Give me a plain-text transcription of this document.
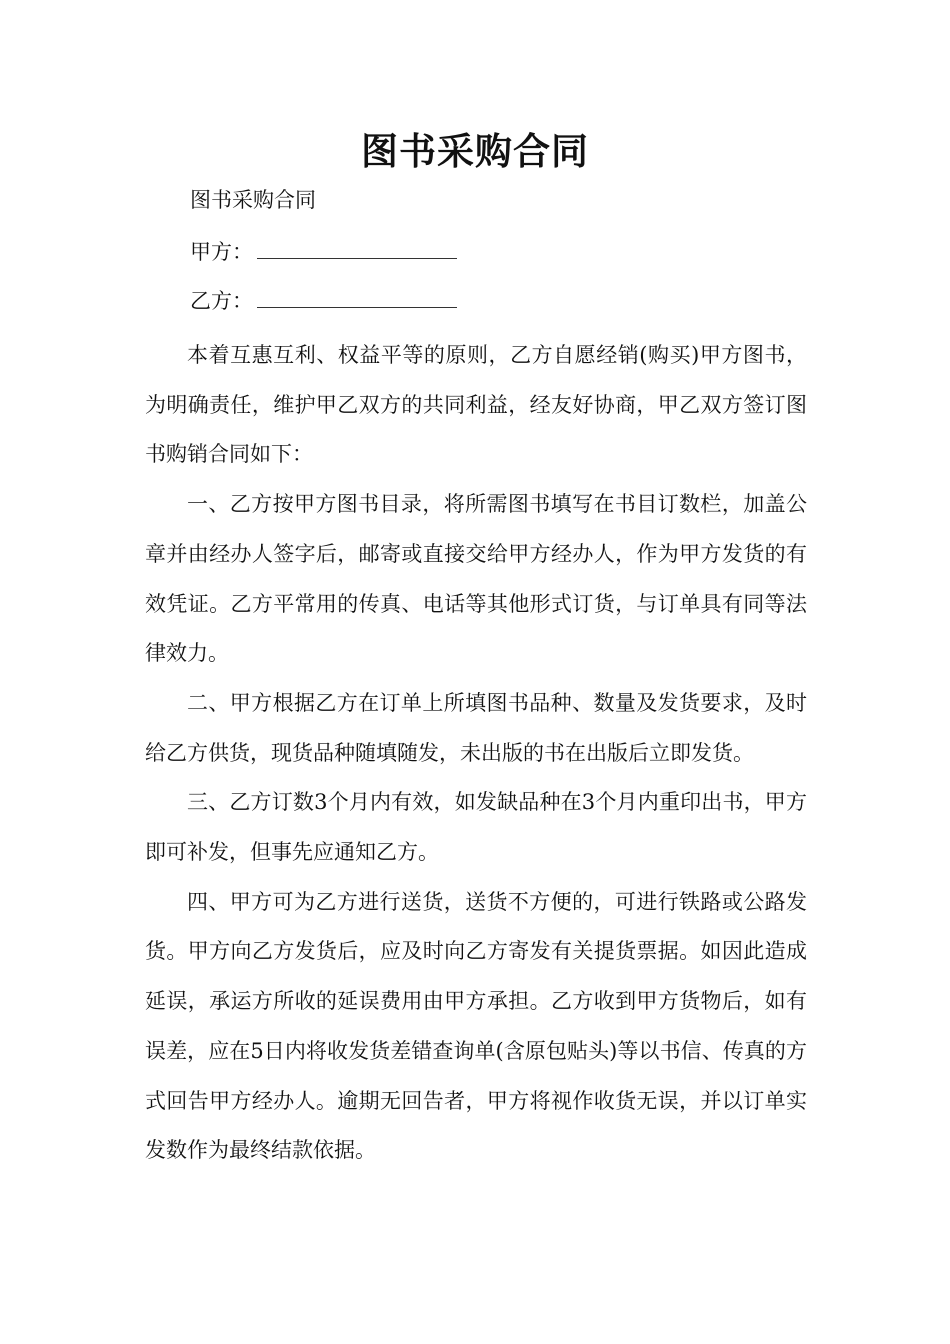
图书采购合同
图书采购合同
甲方：
乙方：

本着互惠互利、权益平等的原则，乙方自愿经销(购买)甲方图书，为明确责任，维护甲乙双方的共同利益，经友好协商，甲乙双方签订图书购销合同如下：

一、乙方按甲方图书目录，将所需图书填写在书目订数栏，加盖公章并由经办人签字后，邮寄或直接交给甲方经办人，作为甲方发货的有效凭证。乙方平常用的传真、电话等其他形式订货，与订单具有同等法律效力。

二、甲方根据乙方在订单上所填图书品种、数量及发货要求，及时给乙方供货，现货品种随填随发，未出版的书在出版后立即发货。

三、乙方订数3个月内有效，如发缺品种在3个月内重印出书，甲方即可补发，但事先应通知乙方。

四、甲方可为乙方进行送货，送货不方便的，可进行铁路或公路发货。甲方向乙方发货后，应及时向乙方寄发有关提货票据。如因此造成延误，承运方所收的延误费用由甲方承担。乙方收到甲方货物后，如有误差，应在5日内将收发货差错查询单(含原包贴头)等以书信、传真的方式回告甲方经办人。逾期无回告者，甲方将视作收货无误，并以订单实发数作为最终结款依据。
